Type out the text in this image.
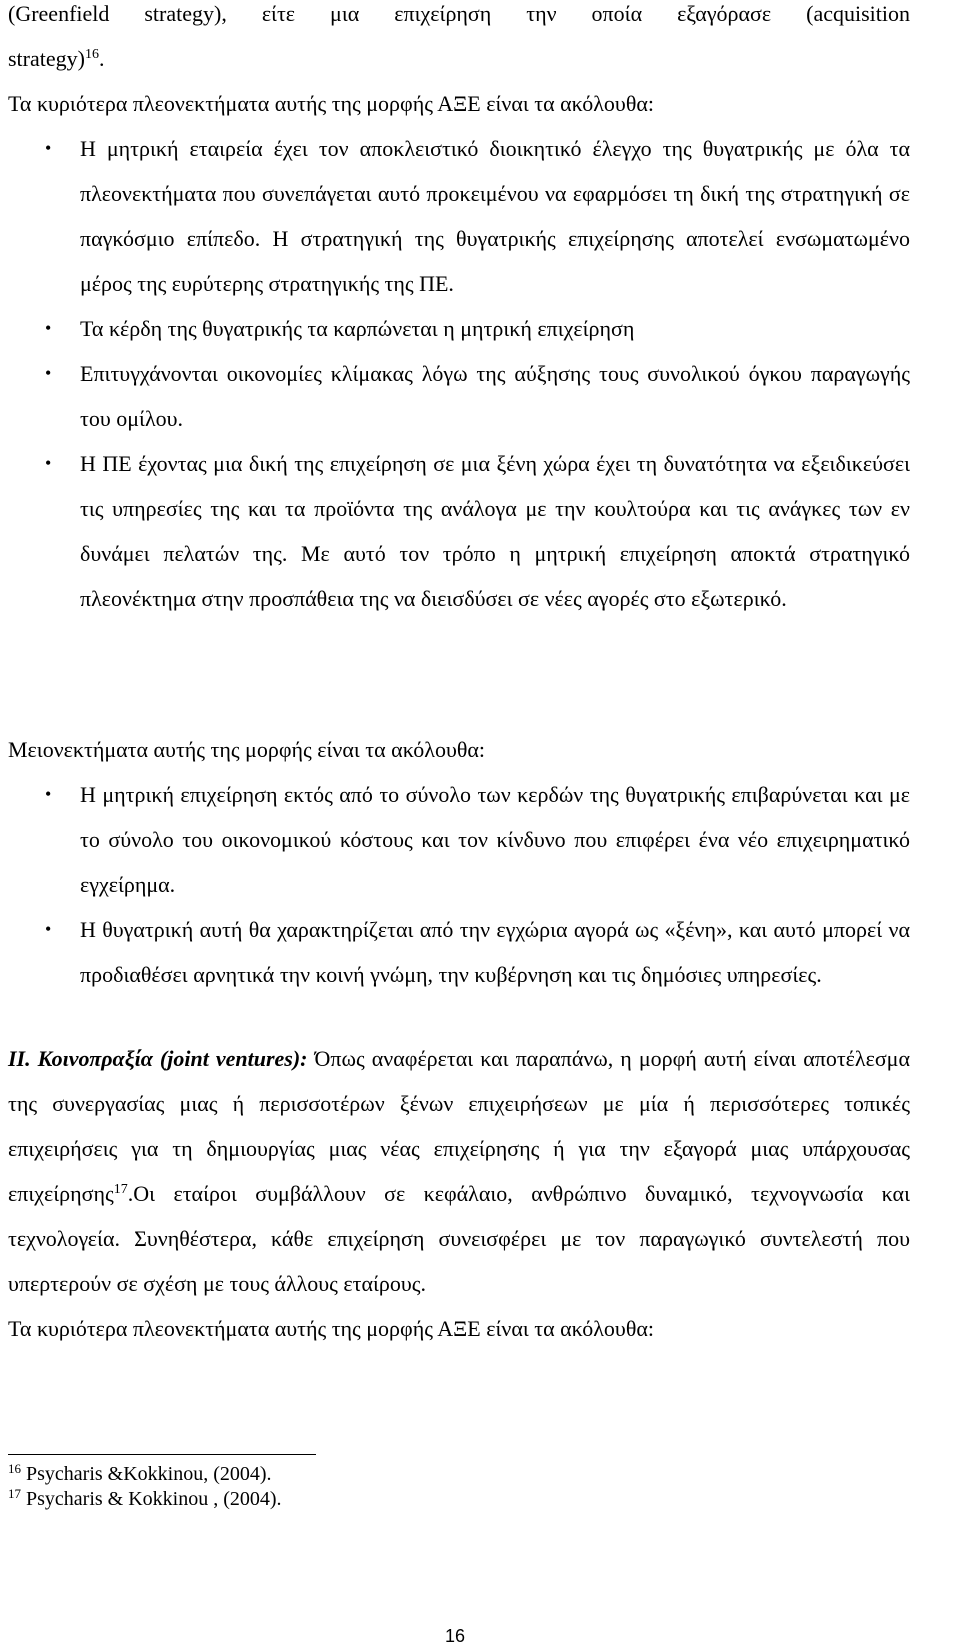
(Greenfield strategy), είτε μια επιχείρηση την οποία εξαγόρασε (acquisition
strategy)$^{16}$.
Τα κυριότερα πλεονεκτήματα αυτής της μορφής ΑΞΕ είναι τα ακόλουθα:
• Η μητρική εταιρεία έχει τον αποκλειστικό διοικητικό έλεγχο της θυγατρικής με όλα τα πλεονεκτήματα που συνεπάγεται αυτό προκειμένου να εφαρμόσει τη δική της στρατηγική σε παγκόσμιο επίπεδο. Η στρατηγική της θυγατρικής επιχείρησης αποτελεί ενσωματωμένο μέρος της ευρύτερης στρατηγικής της ΠΕ.
• Τα κέρδη της θυγατρικής τα καρπώνεται η μητρική επιχείρηση
• Επιτυγχάνονται οικονομίες κλίμακας λόγω της αύξησης τους συνολικού όγκου παραγωγής του ομίλου.
• Η ΠΕ έχοντας μια δική της επιχείρηση σε μια ξένη χώρα έχει τη δυνατότητα να εξειδικεύσει τις υπηρεσίες της και τα προϊόντα της ανάλογα με την κουλτούρα και τις ανάγκες των εν δυνάμει πελατών της. Με αυτό τον τρόπο η μητρική επιχείρηση αποκτά στρατηγικό πλεονέκτημα στην προσπάθεια της να διεισδύσει σε νέες αγορές στο εξωτερικό.
Μειονεκτήματα αυτής της μορφής είναι τα ακόλουθα:
• Η μητρική επιχείρηση εκτός από το σύνολο των κερδών της θυγατρικής επιβαρύνεται και με το σύνολο του οικονομικού κόστους και τον κίνδυνο που επιφέρει ένα νέο επιχειρηματικό εγχείρημα.
• Η θυγατρική αυτή θα χαρακτηρίζεται από την εγχώρια αγορά ως «ξένη», και αυτό μπορεί να προδιαθέσει αρνητικά την κοινή γνώμη, την κυβέρνηση και τις δημόσιες υπηρεσίες.
ΙΙ. Κοινοπραξία (joint ventures): Όπως αναφέρεται και παραπάνω, η μορφή αυτή είναι αποτέλεσμα της συνεργασίας μιας ή περισσοτέρων ξένων επιχειρήσεων με μία ή περισσότερες τοπικές επιχειρήσεις για τη δημιουργίας μιας νέας επιχείρησης ή για την εξαγορά μιας υπάρχουσας επιχείρησης$^{17}$.Οι εταίροι συμβάλλουν σε κεφάλαιο, ανθρώπινο δυναμικό, τεχνογνωσία και τεχνολογεία. Συνηθέστερα, κάθε επιχείρηση συνεισφέρει με τον παραγωγικό συντελεστή που υπερτερούν σε σχέση με τους άλλους εταίρους.
Τα κυριότερα πλεονεκτήματα αυτής της μορφής ΑΞΕ είναι τα ακόλουθα:
$^{16}$ Psycharis &Kokkinou, (2004).
$^{17}$ Psycharis & Kokkinou , (2004).
16
